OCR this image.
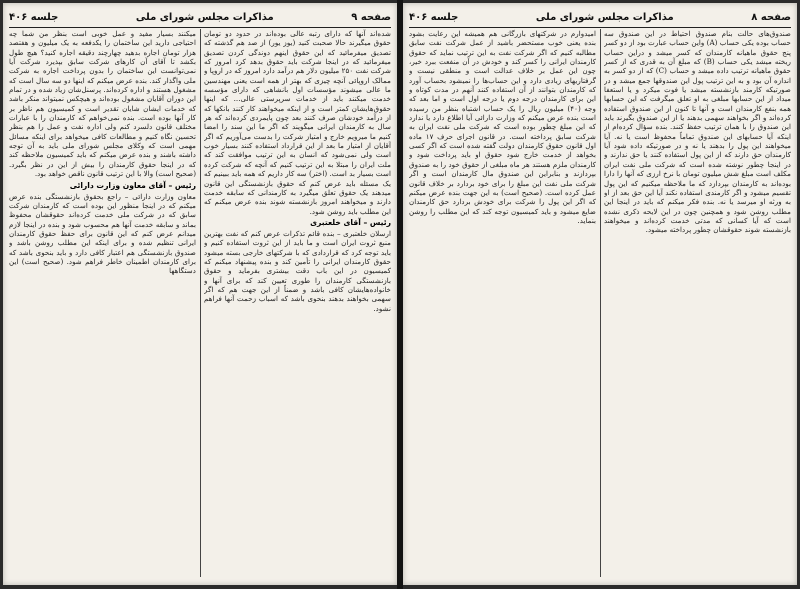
صفحه ۹
مذاکرات مجلس شورای ملی
جلسه ۴۰۶

شده‌اند آنها که دارای رتبه عالی بوده‌اند در حدود دو تومان حقوق میگیرند حالا صحبت کنید (یوز یور) از صد هم گذشته که تصدیق میفرمائید که این حقوق اینهم دوندگی کردن تصدیق میفرمائید که در اینجا شرکت باید حقوق بدهد کرد امروز که شرکت نفت ۲۵۰ میلیون دلار هم درآمد دارد امروز که در اروپا و ممالک اروپائی آنچه چیزی که بهتر از همه است یعنی مهندسین ما عالی میشوند مؤسسات اول بانشاهی که دارای مؤسسه خدمت میکنند باید از خدمات سرپرستی عالی... که اینها حقوق‌هایشان کمتر است و از اینکه میخواهند کار کنند بانکها که از درآمد خودشان صرف کنند بعد چون پایمردی کرده‌اند که هر سال به کارمندان ایرانی میگویند که اگر ما این سند را امضا کنیم ما میرویم خارج و امتیاز شرکت را بدست می‌آوریم که اگر آقایان از امتیاز ما بعد از این قرارداد استفاده کنند بسیار خوب است ولی نمی‌شود که انسان به این ترتیب موافقت کند که ملت ایران را مبتلا به این ترتیب کنیم که آنچه که شرکت کرده است بسیار بد است. (اختر) سه کار داریم که همه باید ببینیم که یک مسئله باید عرض کنم که حقوق بازنشستگی این قانون میدهند یک حقوق تعلق میگیرد به کارمندانی که سابقه خدمت دارند و میخواهند امروز بازنشسته شوند بنده عرض میکنم که این مطلب باید روشن شود.

رئیس – آقای خلعتبری

ارسلان خلعتبری – بنده قائم تذکرات عرض کنم که نفت بهترین منبع ثروت ایران است و ما باید از این ثروت استفاده کنیم و باید توجه کرد که قراردادی که با شرکتهای خارجی بسته میشود حقوق کارمندان ایرانی را تأمین کند و بنده پیشنهاد میکنم که کمیسیون در این باب دقت بیشتری بفرماید و حقوق بازنشستگی کارمندان را طوری تعیین کند که برای آنها و خانواده‌هایشان کافی باشد و ضمناً از این جهت هم که اگر سهمی بخواهند بدهند بنحوی باشد که اسباب زحمت آنها فراهم نشود.

میکنند بسیار مفید و عمل خوبی است بنظر من شما چه احتیاجی دارید این ساختمان را یکدفعه به یک میلیون و هفتصد هزار تومان اجاره بدهید چهارچند دقیقه اجاره کنید؟ هیچ طول بکشد تا آقای آن کارهای شرکت سابق بپذیرد شرکت آیا نمی‌توانست این ساختمان را بدون پرداخت اجاره به شرکت ملی واگذار کند. بنده عرض میکنم که اینها دو سه سال است که مشغول هستند و اداره کرده‌اند. پرسنل‌شان زیاد شده و در تمام این دوران آقایان مشغول بوده‌اند و هیچکس نمیتواند منکر باشد که خدمات ایشان شایان تقدیر است و کمیسیون هم ناظر بر کار آنها بوده است. بنده نمی‌خواهم که کارمندان را با عبارات مختلف قانون دلسرد کنم ولی اداره نفت و عمل را هم بنظر تحسین نگاه کنیم و مطالعات کافی میخواهد برای اینکه مسائل مهمی است که وکلای مجلس شورای ملی باید به آن توجه داشته باشند و بنده عرض میکنم که باید کمیسیون ملاحظه کند که در اینجا حقوق کارمندان را بیش از این در نظر بگیرد. (صحیح است) والا با این ترتیب قانون ناقص خواهد بود.

رئیس – آقای معاون وزارت دارائی

معاون وزارت دارائی – راجع بحقوق بازنشستگی بنده عرض میکنم که در اینجا منظور این بوده است که کارمندان شرکت سابق که در شرکت ملی خدمت کرده‌اند حقوقشان محفوظ بماند و سابقه خدمت آنها هم محسوب شود و بنده در اینجا لازم میدانم عرض کنم که این قانون برای حفظ حقوق کارمندان ایرانی تنظیم شده و برای اینکه این مطلب روشن باشد و صندوق بازنشستگی هم اعتبار کافی دارد و باید بنحوی باشد که برای کارمندان اطمینان خاطر فراهم شود. (صحیح است) این دستگاهها

صفحه ۸
مذاکرات مجلس شورای ملی
جلسه ۴۰۶

صندوق‌های حالت بنام صندوق احتیاط در این صندوق سه حساب بوده یکی حساب (A) واین حساب عبارت بود از دو کسر پنج حقوق ماهیانه کارمندان که کسر میشد و دراین حساب ریخته میشد یکی حساب (B) که مبلغ آن به قدری که از کسر حقوق ماهیانه ترتیب داده میشد و حساب (C) که از دو کسر به اندازه آن بود و به این ترتیب پول این صندوقها جمع میشد و در صورتیکه کارمند بازنشسته میشد یا فوت میکرد و یا استعفا میداد از این حسابها مبلغی به او تعلق میگرفت که این حسابها همه بنفع کارمندان است و آنها تا کنون از این صندوق استفاده کرده‌اند و اگر بخواهند سهمی بدهند یا از این صندوق بگیرند باید این صندوق را با همان ترتیب حفظ کنند. بنده سؤال کرده‌ام از اینکه آیا حسابهای این صندوق تماماً محفوظ است یا نه. آیا میخواهند این پول را بدهند یا نه و در صورتیکه داده شود آیا کارمندان حق دارند که از این پول استفاده کنند یا حق ندارند و در اینجا چطور نوشته شده است که شرکت ملی نفت ایران مکلف است مبلغ شش میلیون تومان با نرخ ارزی که آنها را دارا بوده‌اند به کارمندان بپردازد که ما ملاحظه میکنیم که این پول تقسیم میشود و اگر کارمندی استفاده نکند آیا این حق بعد از او به ورثه او میرسد یا نه. بنده فکر میکنم که باید در اینجا این مطلب روشن شود و همچنین چون در این لایحه ذکری نشده است که آیا کسانی که مدتی خدمت کرده‌اند و میخواهند بازنشسته شوند حقوقشان چطور پرداخته میشود.

امیدوارم در شرکتهای بازرگانی هم همیشه این رعایت بشود بنده یعنی خوب مستحضر باشید از عمل شرکت نفت سابق مطالبه کنیم که اگر شرکت نفت به این ترتیب نماید که حقوق کارمندان ایرانی را کسر کند و خودش در آن منفعت ببرد خیر، چون این عمل بر خلاف عدالت است و منطقی نیست و گرفتاریهای زیادی دارد و این حساب‌ها را نمیشود بحساب آورد که کارمندان بتوانند از آن استفاده کنند آنهم در مدت کوتاه و این برای کارمندان درجه دوم یا درجه اول است و اما بعد که وجه (۴۰) میلیون ریال را یک حساب اشتباه بنظر من رسیده است بنده عرض میکنم که وزارت دارائی آیا اطلاع دارد یا ندارد که این مبلغ چطور بوده است که شرکت ملی نفت ایران به شرکت سابق پرداخته است. در قانون اجرای حرف ۱۷ ماده اول قانون حقوق کارمندان دولت گفته شده است که اگر کسی بخواهد از خدمت خارج شود حقوق او باید پرداخت شود و کارمندان ملزم هستند هر ماه مبلغی از حقوق خود را به صندوق بپردازند و بنابراین این صندوق مال کارمندان است و اگر شرکت ملی نفت این مبلغ را برای خود بردارد بر خلاف قانون عمل کرده است. (صحیح است) به این جهت بنده عرض میکنم که اگر این پول را شرکت برای خودش بردارد حق کارمندان ضایع میشود و باید کمیسیون توجه کند که این مطلب را روشن بنماید.
